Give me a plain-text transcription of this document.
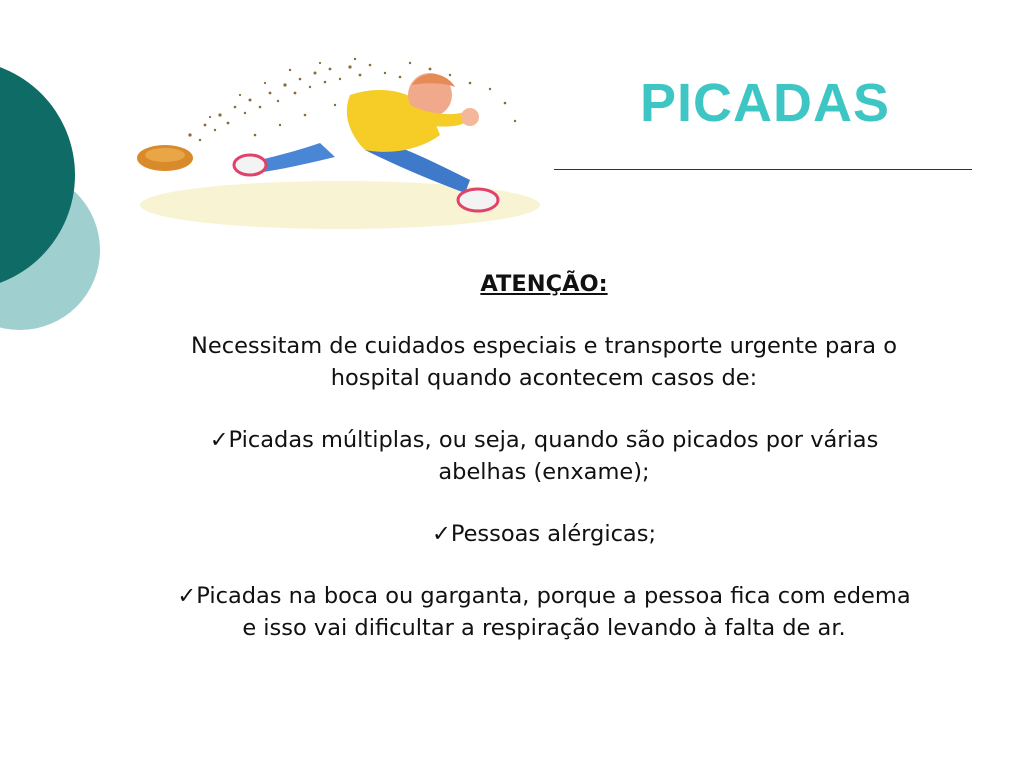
PICADAS

ATENÇÃO:

Necessitam de cuidados especiais e transporte urgente para o hospital quando acontecem casos de:

✓Picadas múltiplas, ou seja, quando são picados por várias abelhas (enxame);

✓Pessoas alérgicas;

✓Picadas na boca ou garganta, porque a pessoa fica com edema e isso vai dificultar a respiração levando à falta de ar.
